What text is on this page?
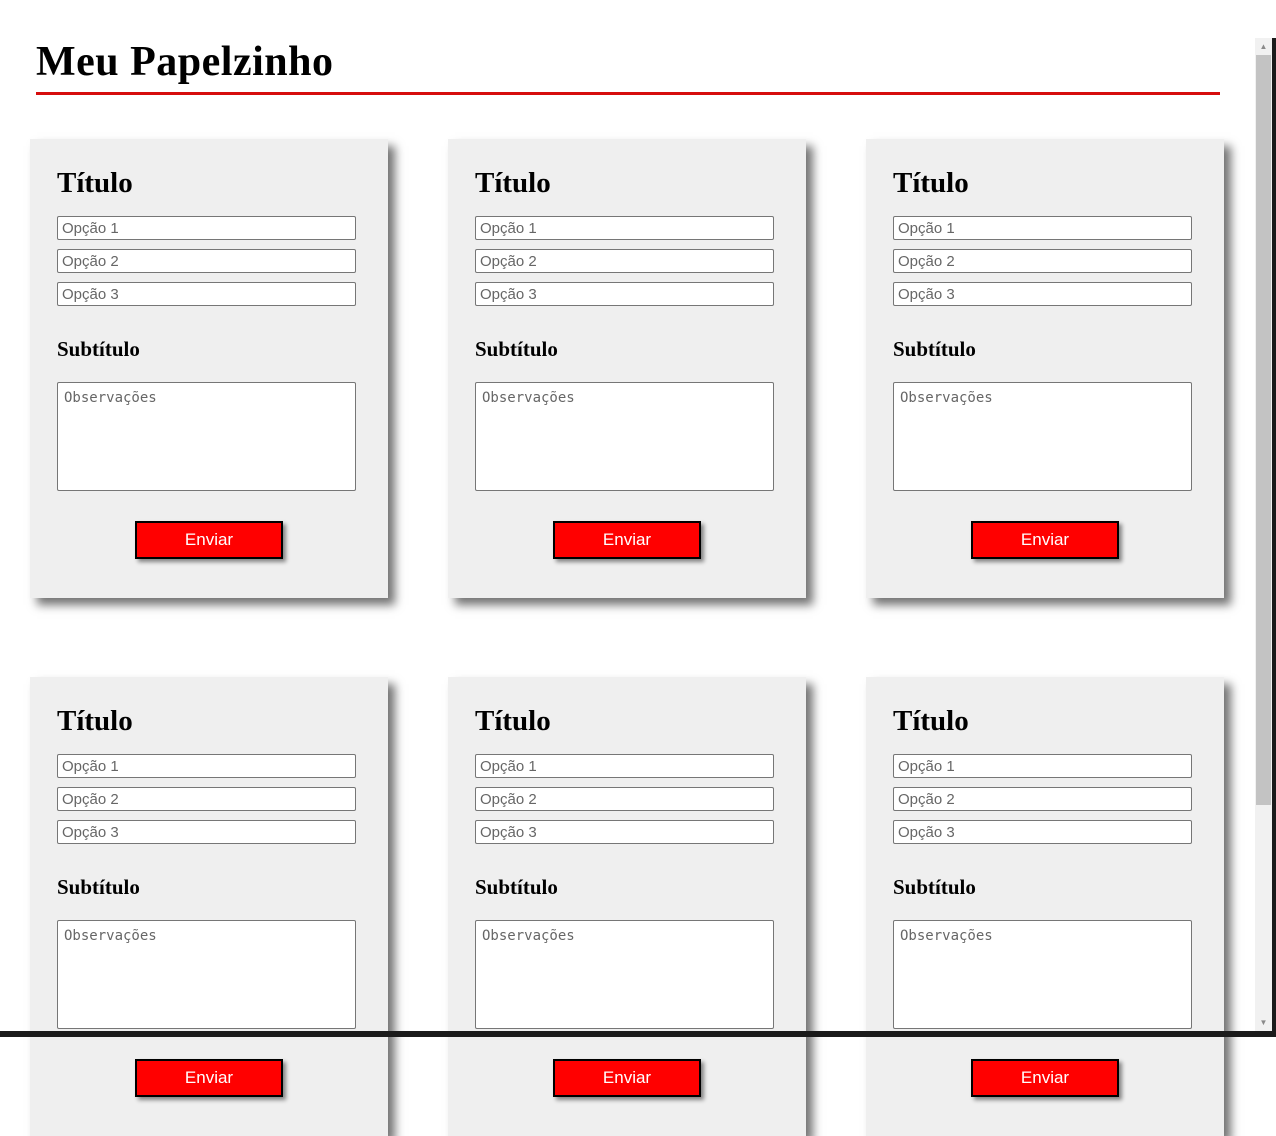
Meu Papelzinho
Título
Opção 1
Opção 2
Opção 3
Subtítulo
Observações
Enviar
Título
Opção 1
Opção 2
Opção 3
Subtítulo
Observações
Enviar
Título
Opção 1
Opção 2
Opção 3
Subtítulo
Observações
Enviar
Título
Opção 1
Opção 2
Opção 3
Subtítulo
Observações
Enviar
Título
Opção 1
Opção 2
Opção 3
Subtítulo
Observações
Enviar
Título
Opção 1
Opção 2
Opção 3
Subtítulo
Observações
Enviar
▲
▼
